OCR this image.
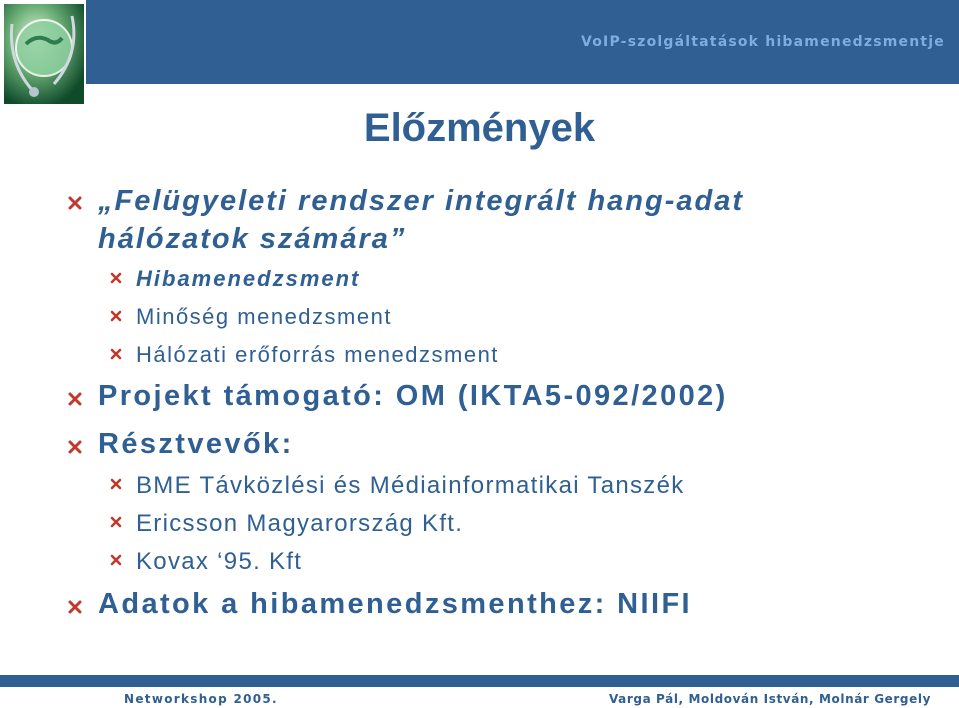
VoIP-szolgáltatások hibamenedzsmentje
Előzmények
„Felügyeleti rendszer integrált hang-adat hálózatok számára”
Hibamenedzsment
Minőség menedzsment
Hálózati erőforrás menedzsment
Projekt támogató: OM (IKTA5-092/2002)
Résztvevők:
BME Távközlési és Médiainformatikai Tanszék
Ericsson Magyarország Kft.
Kovax ‘95. Kft
Adatok a hibamenedzsmenthez: NIIFI
Networkshop 2005.	Varga Pál, Moldován István, Molnár Gergely
